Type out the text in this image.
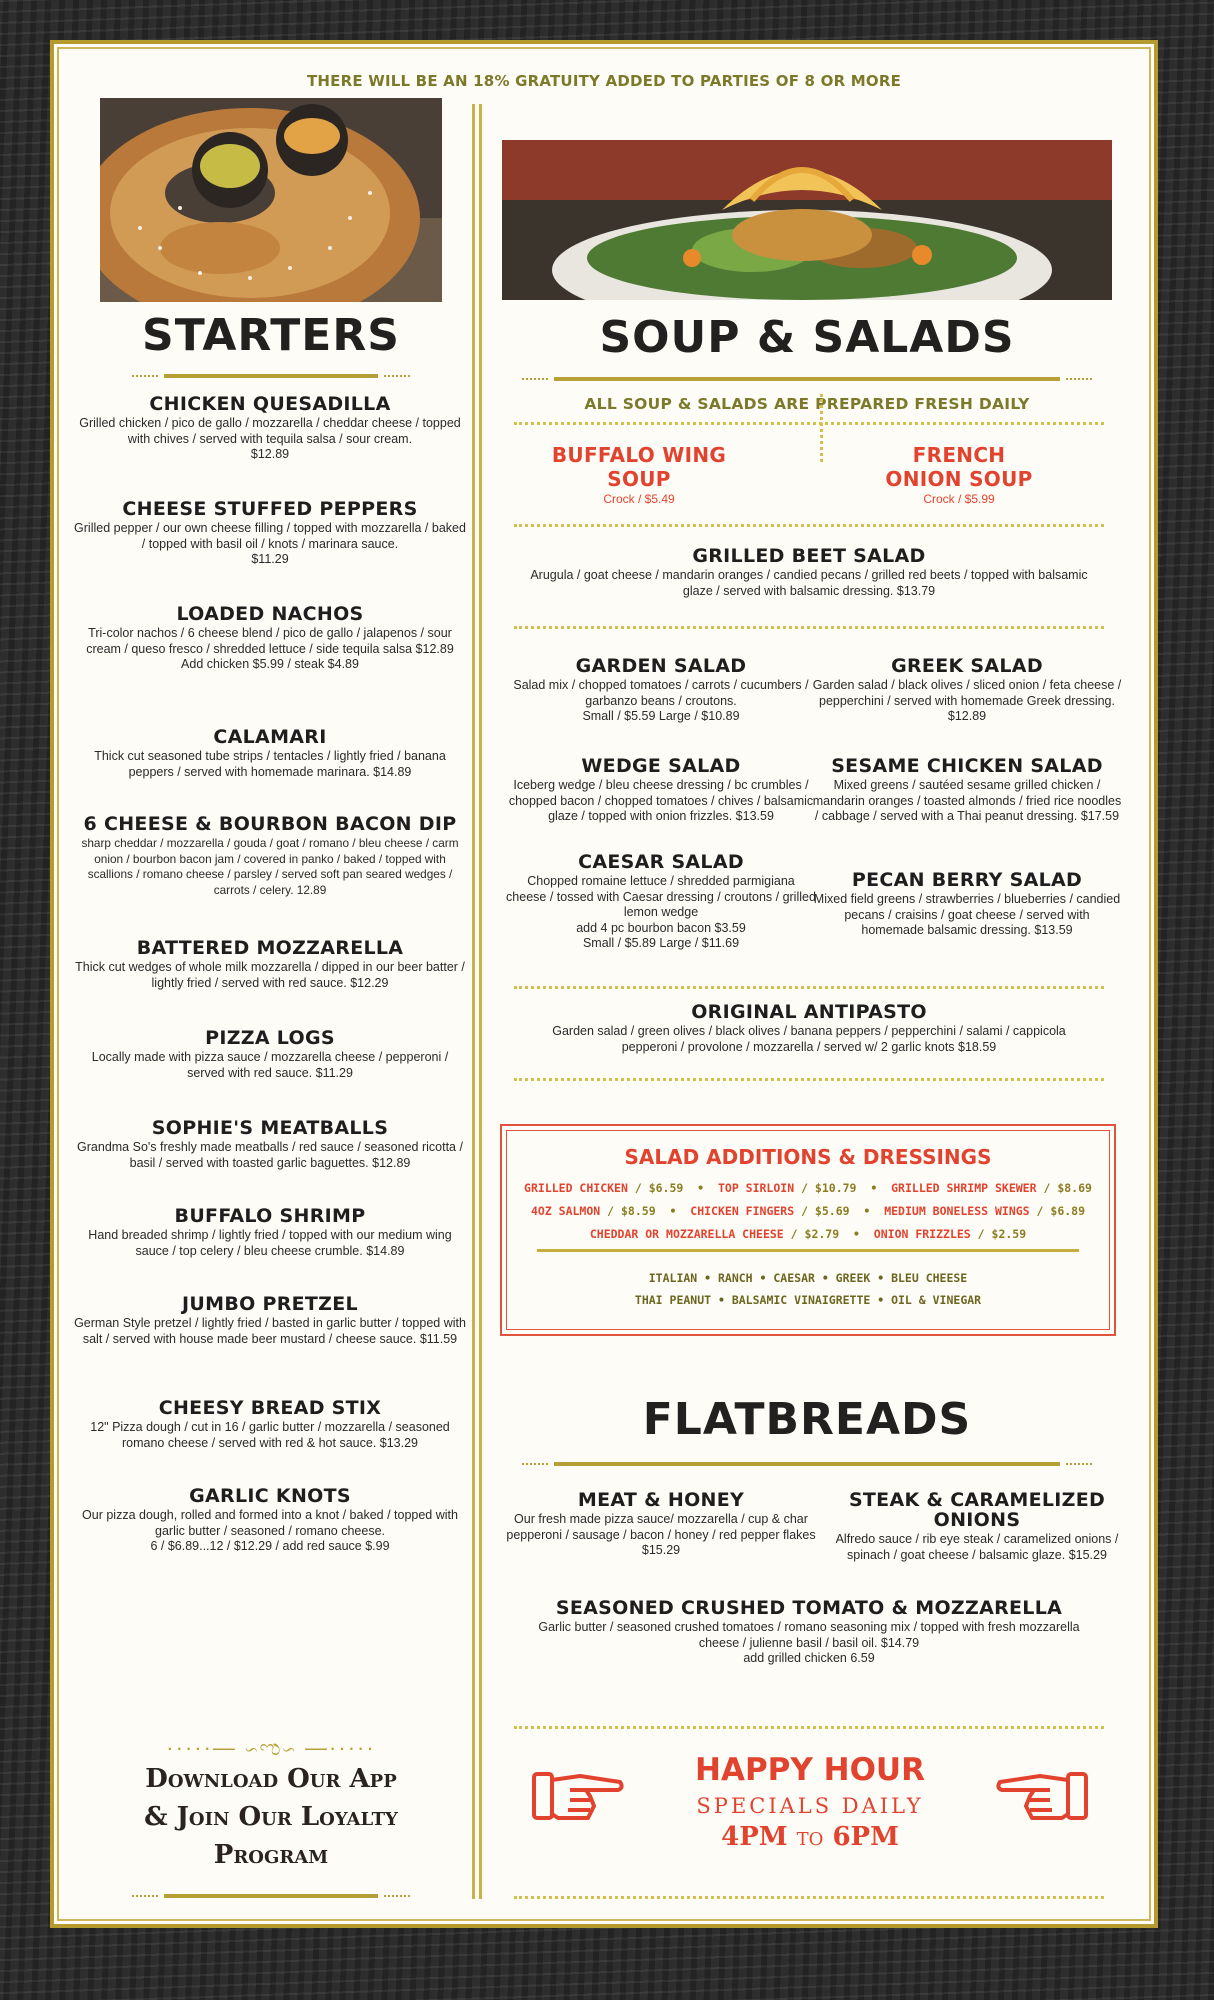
THERE WILL BE AN 18% GRATUITY ADDED TO PARTIES OF 8 OR MORE
STARTERS
CHICKEN QUESADILLA

Grilled chicken / pico de gallo / mozzarella / cheddar cheese / topped with chives / served with tequila salsa / sour cream.

$12.89

CHEESE STUFFED PEPPERS

Grilled pepper / our own cheese filling / topped with mozzarella / baked / topped with basil oil / knots / marinara sauce.

$11.29

LOADED NACHOS

Tri-color nachos / 6 cheese blend / pico de gallo / jalapenos / sour cream / queso fresco / shredded lettuce / side tequila salsa $12.89

Add chicken $5.99 / steak $4.89

CALAMARI

Thick cut seasoned tube strips / tentacles / lightly fried / banana peppers / served with homemade marinara. $14.89

6 CHEESE & BOURBON BACON DIP

sharp cheddar / mozzarella / gouda / goat / romano / bleu cheese / carm onion / bourbon bacon jam / covered in panko / baked / topped with scallions / romano cheese / parsley / served soft pan seared wedges / carrots / celery. 12.89

BATTERED MOZZARELLA

Thick cut wedges of whole milk mozzarella / dipped in our beer batter / lightly fried / served with red sauce. $12.29

PIZZA LOGS

Locally made with pizza sauce / mozzarella cheese / pepperoni / served with red sauce. $11.29

SOPHIE'S MEATBALLS

Grandma So's freshly made meatballs / red sauce / seasoned ricotta / basil / served with toasted garlic baguettes. $12.89

BUFFALO SHRIMP

Hand breaded shrimp / lightly fried / topped with our medium wing sauce / top celery / bleu cheese crumble. $14.89

JUMBO PRETZEL

German Style pretzel / lightly fried / basted in garlic butter / topped with salt / served with house made beer mustard / cheese sauce. $11.59

CHEESY BREAD STIX

12" Pizza dough / cut in 16 / garlic butter / mozzarella / seasoned romano cheese / served with red & hot sauce. $13.29

GARLIC KNOTS

Our pizza dough, rolled and formed into a knot / baked / topped with garlic butter / seasoned / romano cheese.

6 / $6.89...12 / $12.29 / add red sauce $.99

·····— ∽ಌ∽ —·····
Download Our App
& Join Our Loyalty
Program
SOUP & SALADS
ALL SOUP & SALADS ARE PREPARED FRESH DAILY
BUFFALO WING
SOUP

Crock / $5.49

FRENCH
ONION SOUP

Crock / $5.99

GRILLED BEET SALAD

Arugula / goat cheese / mandarin oranges / candied pecans / grilled red beets / topped with balsamic glaze / served with balsamic dressing. $13.79

GARDEN SALAD

Salad mix / chopped tomatoes / carrots / cucumbers / garbanzo beans / croutons.

Small / $5.59 Large / $10.89

WEDGE SALAD

Iceberg wedge / bleu cheese dressing / bc crumbles / chopped bacon / chopped tomatoes / chives / balsamic glaze / topped with onion frizzles. $13.59

CAESAR SALAD

Chopped romaine lettuce / shredded parmigiana cheese / tossed with Caesar dressing / croutons / grilled lemon wedge

add 4 pc bourbon bacon $3.59

Small / $5.89 Large / $11.69

GREEK SALAD

Garden salad / black olives / sliced onion / feta cheese / pepperchini / served with homemade Greek dressing. $12.89

SESAME CHICKEN SALAD

Mixed greens / sautéed sesame grilled chicken / mandarin oranges / toasted almonds / fried rice noodles / cabbage / served with a Thai peanut dressing. $17.59

PECAN BERRY SALAD

Mixed field greens / strawberries / blueberries / candied pecans / craisins / goat cheese / served with homemade balsamic dressing. $13.59

ORIGINAL ANTIPASTO

Garden salad / green olives / black olives / banana peppers / pepperchini / salami / cappicola pepperoni / provolone / mozzarella / served w/ 2 garlic knots $18.59

SALAD ADDITIONS & DRESSINGS
GRILLED CHICKEN / $6.59  •  TOP SIRLOIN / $10.79  •  GRILLED SHRIMP SKEWER / $8.69
4OZ SALMON / $8.59  •  CHICKEN FINGERS / $5.69  •  MEDIUM BONELESS WINGS / $6.89
CHEDDAR OR MOZZARELLA CHEESE / $2.79  •  ONION FRIZZLES / $2.59
ITALIAN • RANCH • CAESAR • GREEK • BLEU CHEESE
THAI PEANUT • BALSAMIC VINAIGRETTE • OIL & VINEGAR
FLATBREADS
MEAT & HONEY

Our fresh made pizza sauce/ mozzarella / cup & char pepperoni / sausage / bacon / honey / red pepper flakes $15.29

STEAK & CARAMELIZED ONIONS

Alfredo sauce / rib eye steak / caramelized onions / spinach / goat cheese / balsamic glaze. $15.29

SEASONED CRUSHED TOMATO & MOZZARELLA

Garlic butter / seasoned crushed tomatoes / romano seasoning mix / topped with fresh mozzarella cheese / julienne basil / basil oil. $14.79

add grilled chicken 6.59

HAPPY HOUR
SPECIALS DAILY
4PM TO 6PM
